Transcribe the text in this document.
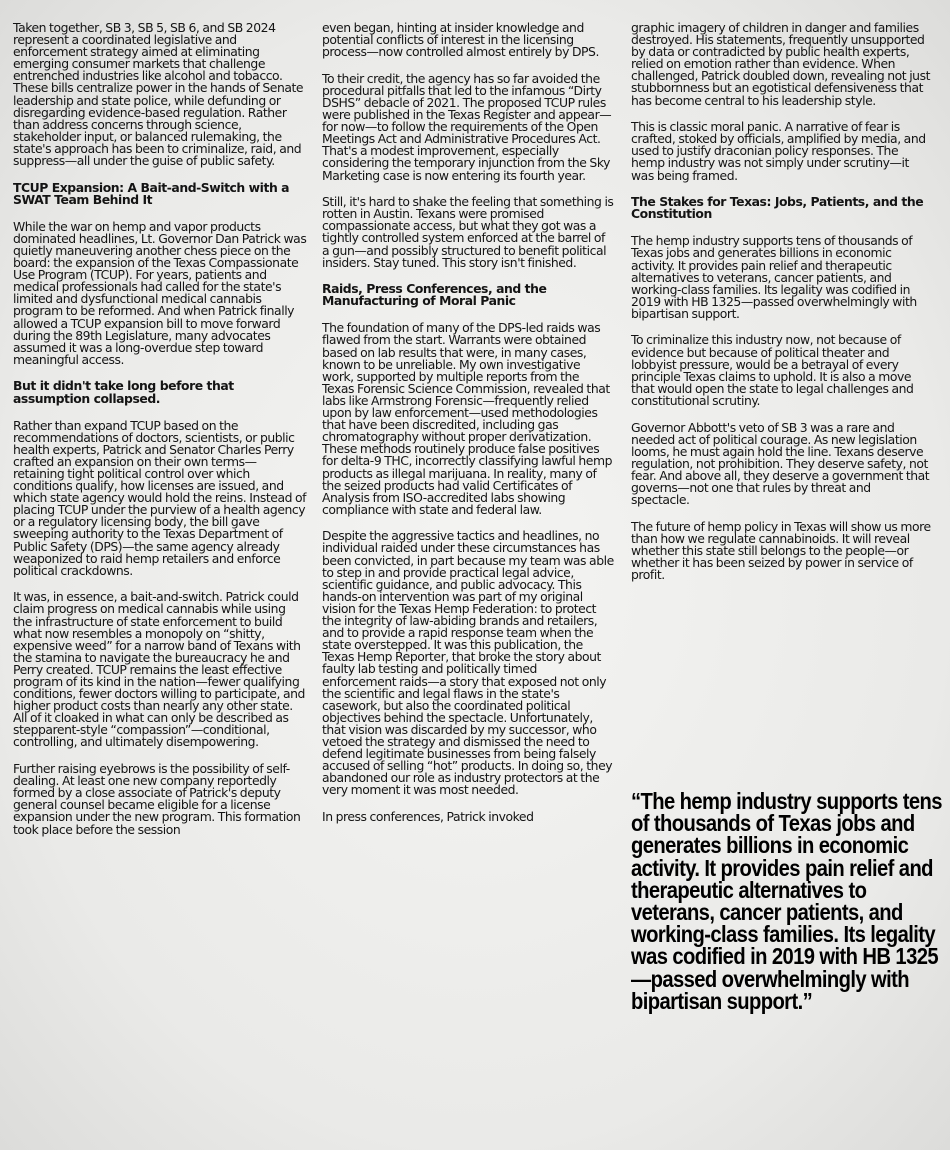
Taken together, SB 3, SB 5, SB 6, and SB 2024 represent a coordinated legislative and enforcement strategy aimed at eliminating emerging consumer markets that challenge entrenched industries like alcohol and tobacco. These bills centralize power in the hands of Senate leadership and state police, while defunding or disregarding evidence-based regulation. Rather than address concerns through science, stakeholder input, or balanced rulemaking, the state's approach has been to criminalize, raid, and suppress—all under the guise of public safety.

TCUP Expansion: A Bait-and-Switch with a SWAT Team Behind It

While the war on hemp and vapor products dominated headlines, Lt. Governor Dan Patrick was quietly maneuvering another chess piece on the board: the expansion of the Texas Compassionate Use Program (TCUP). For years, patients and medical professionals had called for the state's limited and dysfunctional medical cannabis program to be reformed. And when Patrick finally allowed a TCUP expansion bill to move forward during the 89th Legislature, many advocates assumed it was a long-overdue step toward meaningful access.

But it didn't take long before that assumption collapsed.

Rather than expand TCUP based on the recommendations of doctors, scientists, or public health experts, Patrick and Senator Charles Perry crafted an expansion on their own terms—retaining tight political control over which conditions qualify, how licenses are issued, and which state agency would hold the reins. Instead of placing TCUP under the purview of a health agency or a regulatory licensing body, the bill gave sweeping authority to the Texas Department of Public Safety (DPS)—the same agency already weaponized to raid hemp retailers and enforce political crackdowns.

It was, in essence, a bait-and-switch. Patrick could claim progress on medical cannabis while using the infrastructure of state enforcement to build what now resembles a monopoly on “shitty, expensive weed” for a narrow band of Texans with the stamina to navigate the bureaucracy he and Perry created. TCUP remains the least effective program of its kind in the nation—fewer qualifying conditions, fewer doctors willing to participate, and higher product costs than nearly any other state. All of it cloaked in what can only be described as stepparent-style “compassion”—conditional, controlling, and ultimately disempowering.

Further raising eyebrows is the possibility of self-dealing. At least one new company reportedly formed by a close associate of Patrick's deputy general counsel became eligible for a license expansion under the new program. This formation took place before the session

even began, hinting at insider knowledge and potential conflicts of interest in the licensing process—now controlled almost entirely by DPS.

To their credit, the agency has so far avoided the procedural pitfalls that led to the infamous “Dirty DSHS” debacle of 2021. The proposed TCUP rules were published in the Texas Register and appear—for now—to follow the requirements of the Open Meetings Act and Administrative Procedures Act. That's a modest improvement, especially considering the temporary injunction from the Sky Marketing case is now entering its fourth year.

Still, it's hard to shake the feeling that something is rotten in Austin. Texans were promised compassionate access, but what they got was a tightly controlled system enforced at the barrel of a gun—and possibly structured to benefit political insiders. Stay tuned. This story isn't finished.

Raids, Press Conferences, and the Manufacturing of Moral Panic

The foundation of many of the DPS-led raids was flawed from the start. Warrants were obtained based on lab results that were, in many cases, known to be unreliable. My own investigative work, supported by multiple reports from the Texas Forensic Science Commission, revealed that labs like Armstrong Forensic—frequently relied upon by law enforcement—used methodologies that have been discredited, including gas chromatography without proper derivatization. These methods routinely produce false positives for delta-9 THC, incorrectly classifying lawful hemp products as illegal marijuana. In reality, many of the seized products had valid Certificates of Analysis from ISO-accredited labs showing compliance with state and federal law.

Despite the aggressive tactics and headlines, no individual raided under these circumstances has been convicted, in part because my team was able to step in and provide practical legal advice, scientific guidance, and public advocacy. This hands-on intervention was part of my original vision for the Texas Hemp Federation: to protect the integrity of law-abiding brands and retailers, and to provide a rapid response team when the state overstepped. It was this publication, the Texas Hemp Reporter, that broke the story about faulty lab testing and politically timed enforcement raids—a story that exposed not only the scientific and legal flaws in the state's casework, but also the coordinated political objectives behind the spectacle. Unfortunately, that vision was discarded by my successor, who vetoed the strategy and dismissed the need to defend legitimate businesses from being falsely accused of selling “hot” products. In doing so, they abandoned our role as industry protectors at the very moment it was most needed.

In press conferences, Patrick invoked

graphic imagery of children in danger and families destroyed. His statements, frequently unsupported by data or contradicted by public health experts, relied on emotion rather than evidence. When challenged, Patrick doubled down, revealing not just stubbornness but an egotistical defensiveness that has become central to his leadership style.

This is classic moral panic. A narrative of fear is crafted, stoked by officials, amplified by media, and used to justify draconian policy responses. The hemp industry was not simply under scrutiny—it was being framed.

The Stakes for Texas: Jobs, Patients, and the Constitution

The hemp industry supports tens of thousands of Texas jobs and generates billions in economic activity. It provides pain relief and therapeutic alternatives to veterans, cancer patients, and working-class families. Its legality was codified in 2019 with HB 1325—passed overwhelmingly with bipartisan support.

To criminalize this industry now, not because of evidence but because of political theater and lobbyist pressure, would be a betrayal of every principle Texas claims to uphold. It is also a move that would open the state to legal challenges and constitutional scrutiny.

Governor Abbott's veto of SB 3 was a rare and needed act of political courage. As new legislation looms, he must again hold the line. Texans deserve regulation, not prohibition. They deserve safety, not fear. And above all, they deserve a government that governs—not one that rules by threat and spectacle.

The future of hemp policy in Texas will show us more than how we regulate cannabinoids. It will reveal whether this state still belongs to the people—or whether it has been seized by power in service of profit.

“The hemp industry supports tens of thousands of Texas jobs and generates billions in economic activity. It provides pain relief and therapeutic alternatives to veterans, cancer patients, and working-class families. Its legality was codified in 2019 with HB 1325—passed overwhelmingly with bipartisan support.”
